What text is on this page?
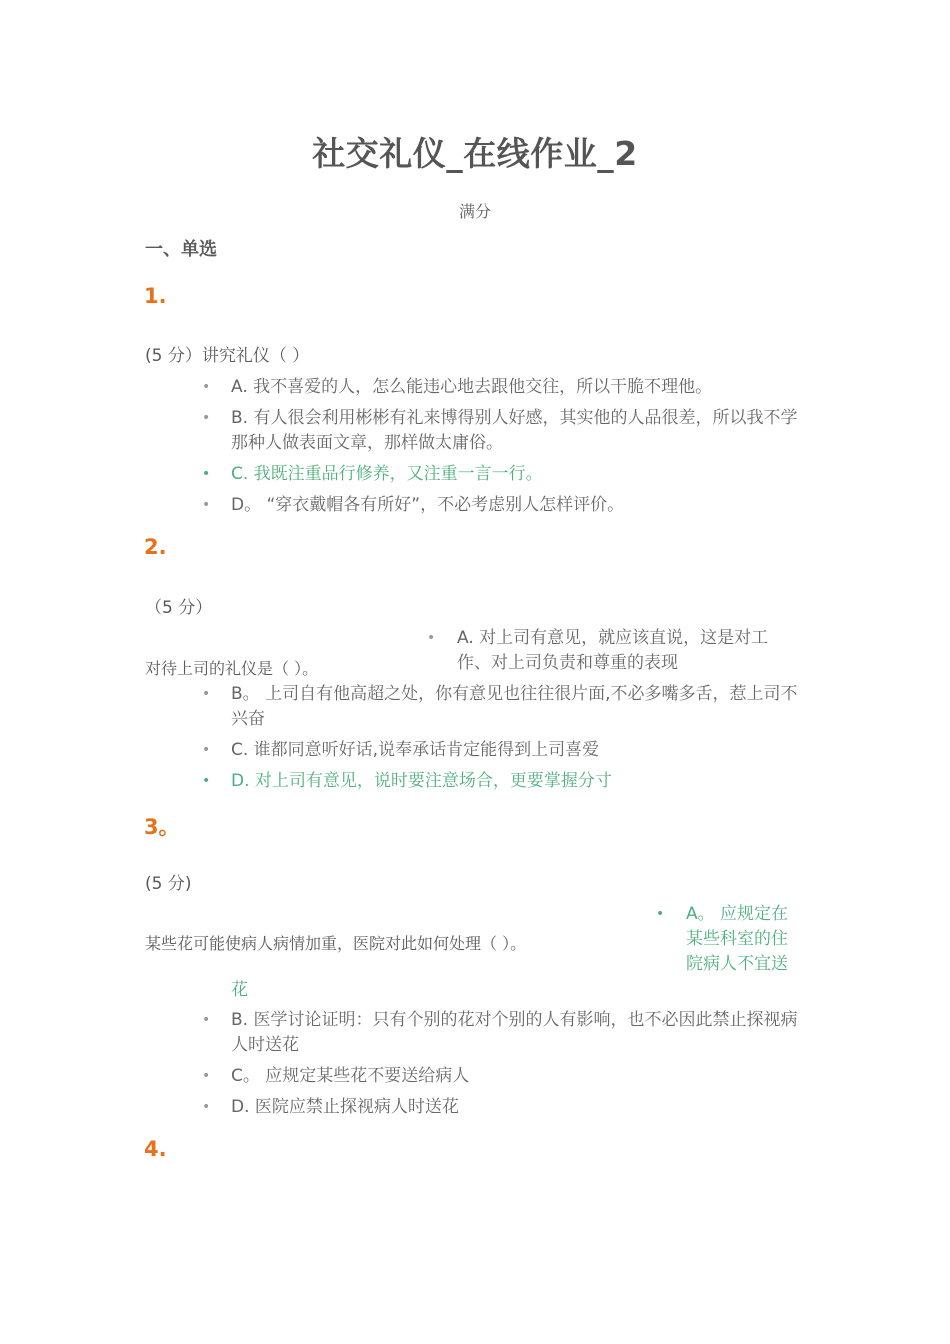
社交礼仪_在线作业_2
满分
一、单选
1.
(5 分）讲究礼仪（ ）
• A. 我不喜爱的人，怎么能违心地去跟他交往，所以干脆不理他。
• B. 有人很会利用彬彬有礼来博得别人好感，其实他的人品很差，所以我不学那种人做表面文章，那样做太庸俗。
• C. 我既注重品行修养，又注重一言一行。
• D。 “穿衣戴帽各有所好”，不必考虑别人怎样评价。
2.
（5 分）
对待上司的礼仪是（ ）。
• A. 对上司有意见，就应该直说，这是对工作、对上司负责和尊重的表现
• B。 上司自有他高超之处，你有意见也往往很片面,不必多嘴多舌，惹上司不兴奋
• C. 谁都同意听好话,说奉承话肯定能得到上司喜爱
• D. 对上司有意见，说时要注意场合，更要掌握分寸
3。
(5 分)
某些花可能使病人病情加重，医院对此如何处理（ ）。
• A。 应规定在某些科室的住院病人不宜送
花
• B. 医学讨论证明：只有个别的花对个别的人有影响，也不必因此禁止探视病人时送花
• C。 应规定某些花不要送给病人
• D. 医院应禁止探视病人时送花
4.
